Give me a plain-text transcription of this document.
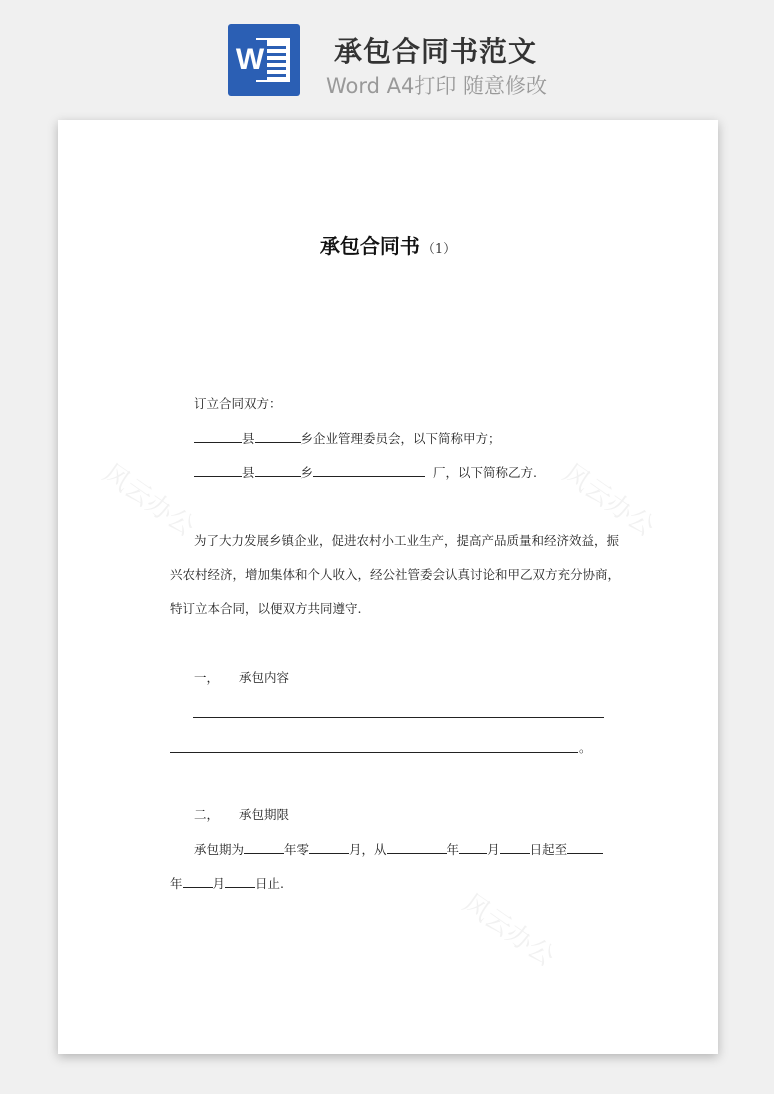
W 承包合同书范文
Word A4打印 随意修改
风云办公	风云办公
风云办公
承包合同书 （1）
订立合同双方：
县	乡企业管理委员会，以下简称甲方；
县	乡	厂，以下简称乙方.
为了大力发展乡镇企业，促进农村小工业生产，提高产品质量和经济效益，振
兴农村经济，增加集体和个人收入，经公社管委会认真讨论和甲乙双方充分协商，
特订立本合同，以便双方共同遵守.
一， 承包内容
。
二， 承包期限
承包期为	年零	月，从	年 月 日起至
年 月 日止.
